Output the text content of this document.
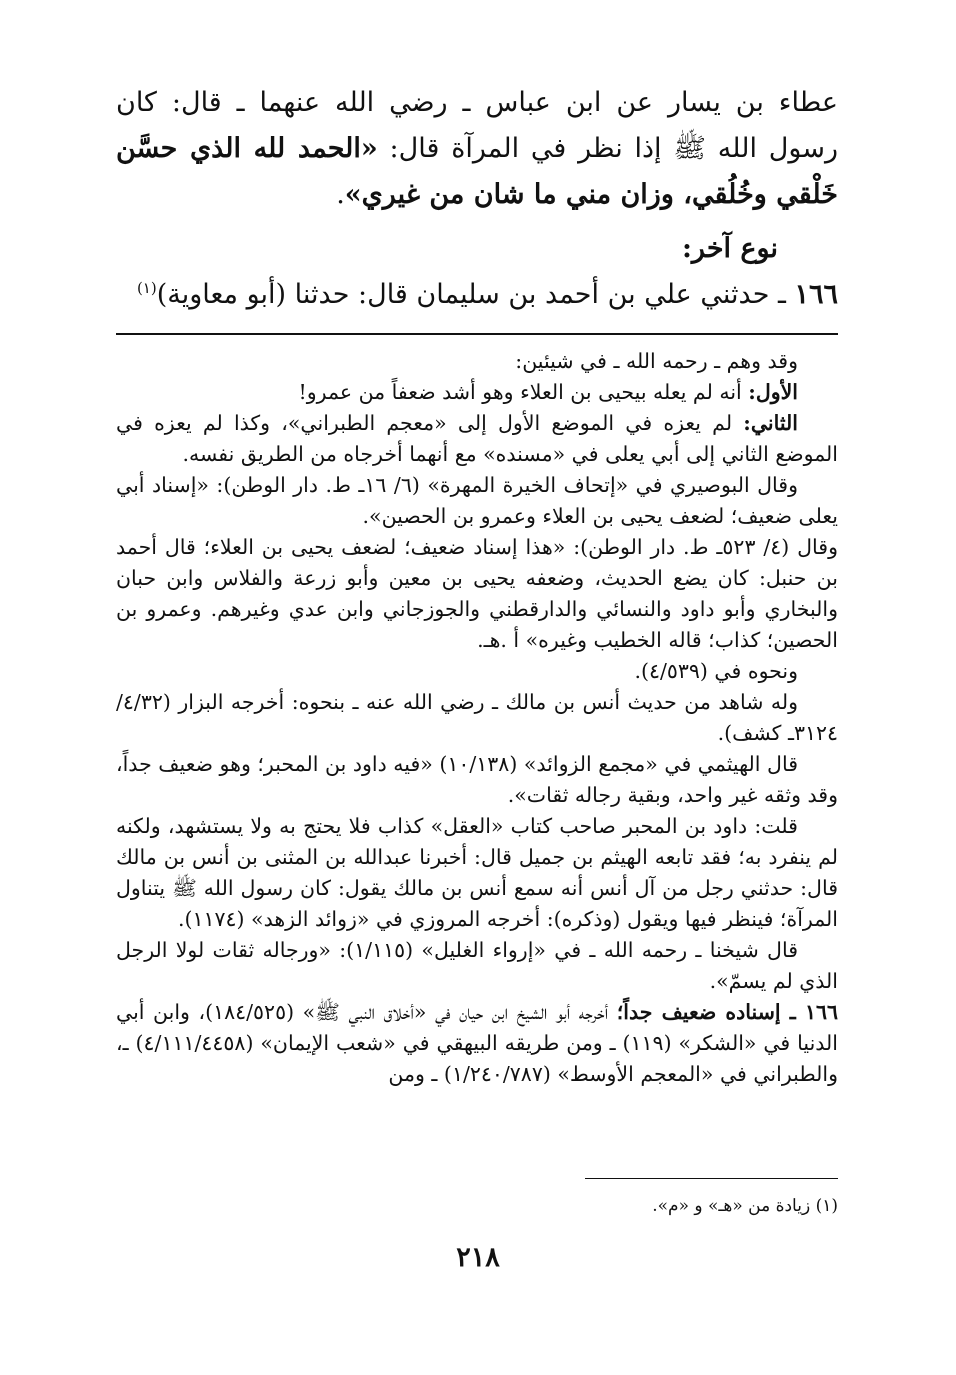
عطاء بن يسار عن ابن عباس ـ رضي الله عنهما ـ قال: كان رسول الله ﷺ إذا نظر في المرآة قال: «الحمد لله الذي حسَّن خَلْقي وخُلُقي، وزان مني ما شان من غيري».

نوع آخر:

١٦٦ ـ حدثني علي بن أحمد بن سليمان قال: حدثنا (أبو معاوية)$^{(١)}$

وقد وهم ـ رحمه الله ـ في شيئين:

الأول: أنه لم يعله بيحيى بن العلاء وهو أشد ضعفاً من عمرو!

الثاني: لم يعزه في الموضع الأول إلى «معجم الطبراني»، وكذا لم يعزه في الموضع الثاني إلى أبي يعلى في «مسنده» مع أنهما أخرجاه من الطريق نفسه.

وقال البوصيري في «إتحاف الخيرة المهرة» (٦/ ١٦ـ ط. دار الوطن): «إسناد أبي يعلى ضعيف؛ لضعف يحيى بن العلاء وعمرو بن الحصين».

وقال (٤/ ٥٢٣ـ ط. دار الوطن): «هذا إسناد ضعيف؛ لضعف يحيى بن العلاء؛ قال أحمد بن حنبل: كان يضع الحديث، وضعفه يحيى بن معين وأبو زرعة والفلاس وابن حبان والبخاري وأبو داود والنسائي والدارقطني والجوزجاني وابن عدي وغيرهم. وعمرو بن الحصين؛ كذاب؛ قاله الخطيب وغيره» أ .هـ.

ونحوه في (٤/٥٣٩).

وله شاهد من حديث أنس بن مالك ـ رضي الله عنه ـ بنحوه: أخرجه البزار (٤/٣٢/ ٣١٢٤ـ كشف).

قال الهيثمي في «مجمع الزوائد» (١٠/١٣٨) «فيه داود بن المحبر؛ وهو ضعيف جداً، وقد وثقه غير واحد، وبقية رجاله ثقات».

قلت: داود بن المحبر صاحب كتاب «العقل» كذاب فلا يحتج به ولا يستشهد، ولكنه لم ينفرد به؛ فقد تابعه الهيثم بن جميل قال: أخبرنا عبدالله بن المثنى بن أنس بن مالك قال: حدثني رجل من آل أنس أنه سمع أنس بن مالك يقول: كان رسول الله ﷺ يتناول المرآة؛ فينظر فيها ويقول (وذكره): أخرجه المروزي في «زوائد الزهد» (١١٧٤).

قال شيخنا ـ رحمه الله ـ في «إرواء الغليل» (١/١١٥): «ورجاله ثقات لولا الرجل الذي لم يسمّ».

١٦٦ ـ إسناده ضعيف جداً؛ أخرجه أبو الشيخ ابن حيان في «أخلاق النبي ﷺ» (١٨٤/٥٢٥)، وابن أبي الدنيا في «الشكر» (١١٩) ـ ومن طريقه البيهقي في «شعب الإيمان» (٤/١١١/٤٤٥٨) ـ، والطبراني في «المعجم الأوسط» (١/٢٤٠/٧٨٧) ـ ومن

(١) زيادة من «هـ» و «م».
٢١٨
